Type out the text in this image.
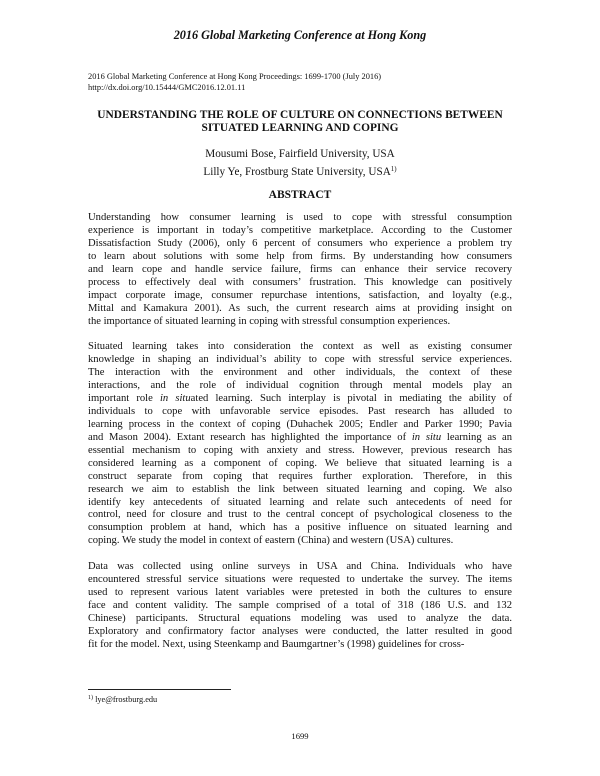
2016 Global Marketing Conference at Hong Kong
2016 Global Marketing Conference at Hong Kong Proceedings: 1699-1700 (July 2016)
http://dx.doi.org/10.15444/GMC2016.12.01.11
UNDERSTANDING THE ROLE OF CULTURE ON CONNECTIONS BETWEEN
SITUATED LEARNING AND COPING
Mousumi Bose, Fairfield University, USA
Lilly Ye, Frostburg State University, USA$^{1)}$
ABSTRACT

Understanding how consumer learning is used to cope with stressful consumption
experience is important in today’s competitive marketplace. According to the Customer
Dissatisfaction Study (2006), only 6 percent of consumers who experience a problem try
to learn about solutions with some help from firms. By understanding how consumers
and learn cope and handle service failure, firms can enhance their service recovery
process to effectively deal with consumers’ frustration. This knowledge can positively
impact corporate image, consumer repurchase intentions, satisfaction, and loyalty (e.g.,
Mittal and Kamakura 2001). As such, the current research aims at providing insight on
the importance of situated learning in coping with stressful consumption experiences.

Situated learning takes into consideration the context as well as existing consumer
knowledge in shaping an individual’s ability to cope with stressful service experiences.
The interaction with the environment and other individuals, the context of these
interactions, and the role of individual cognition through mental models play an
important role in situated learning. Such interplay is pivotal in mediating the ability of
individuals to cope with unfavorable service episodes. Past research has alluded to
learning process in the context of coping (Duhachek 2005; Endler and Parker 1990; Pavia
and Mason 2004). Extant research has highlighted the importance of in situ learning as an
essential mechanism to coping with anxiety and stress. However, previous research has
considered learning as a component of coping. We believe that situated learning is a
construct separate from coping that requires further exploration. Therefore, in this
research we aim to establish the link between situated learning and coping. We also
identify key antecedents of situated learning and relate such antecedents of need for
control, need for closure and trust to the central concept of psychological closeness to the
consumption problem at hand, which has a positive influence on situated learning and
coping. We study the model in context of eastern (China) and western (USA) cultures.

Data was collected using online surveys in USA and China. Individuals who have
encountered stressful service situations were requested to undertake the survey. The items
used to represent various latent variables were pretested in both the cultures to ensure
face and content validity. The sample comprised of a total of 318 (186 U.S. and 132
Chinese) participants. Structural equations modeling was used to analyze the data.
Exploratory and confirmatory factor analyses were conducted, the latter resulted in good
fit for the model. Next, using Steenkamp and Baumgartner’s (1998) guidelines for cross-

$^{1)}$ lye@frostburg.edu
1699
